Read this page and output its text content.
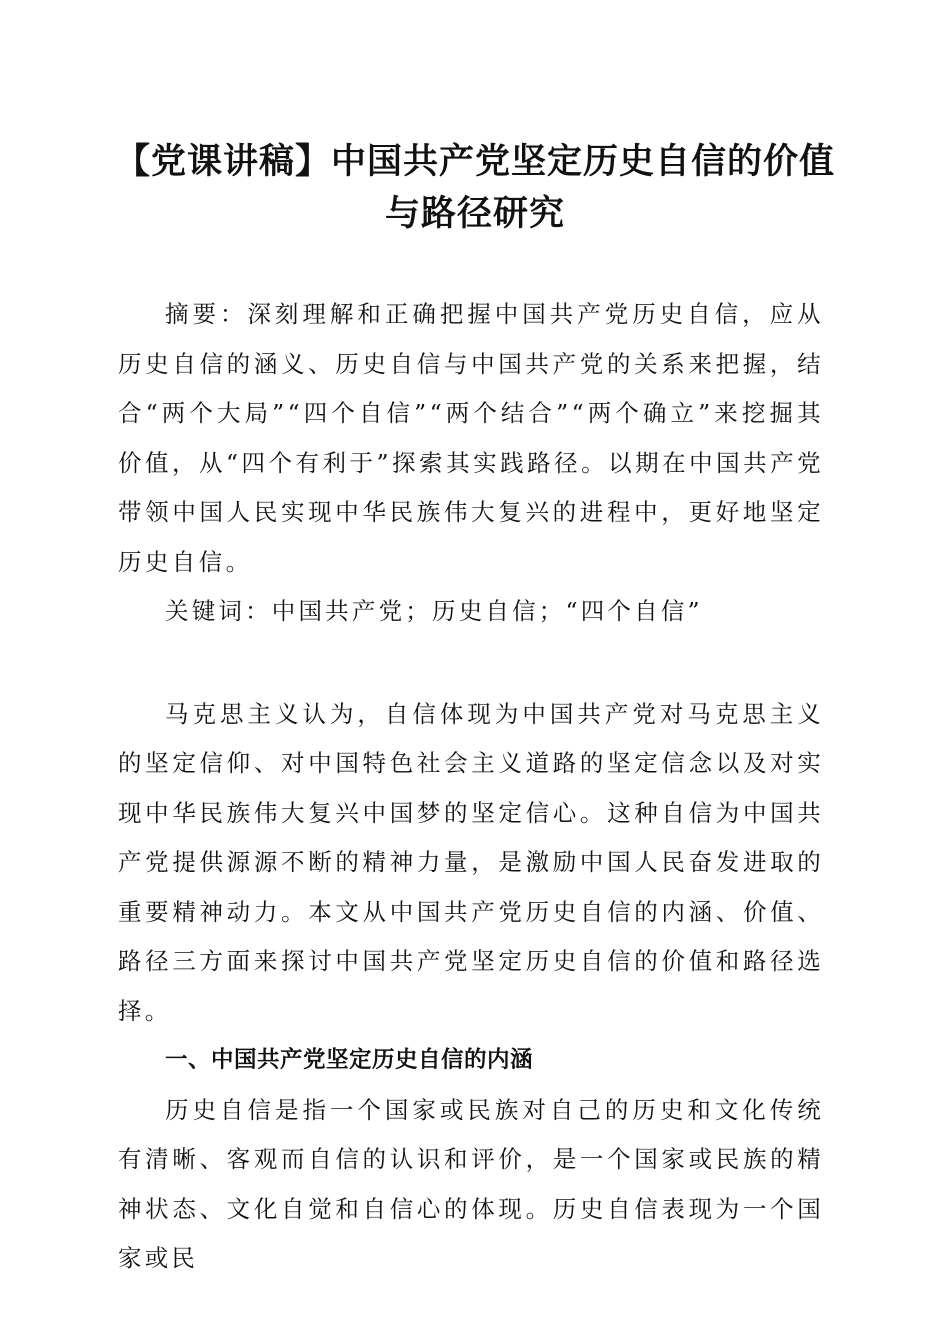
【党课讲稿】中国共产党坚定历史自信的价值
与路径研究

摘要：深刻理解和正确把握中国共产党历史自信，应从历史自信的涵义、历史自信与中国共产党的关系来把握，结合“两个大局”“四个自信”“两个结合”“两个确立”来挖掘其价值，从“四个有利于”探索其实践路径。以期在中国共产党带领中国人民实现中华民族伟大复兴的进程中，更好地坚定历史自信。

关键词：中国共产党；历史自信；“四个自信”

马克思主义认为，自信体现为中国共产党对马克思主义的坚定信仰、对中国特色社会主义道路的坚定信念以及对实现中华民族伟大复兴中国梦的坚定信心。这种自信为中国共产党提供源源不断的精神力量，是激励中国人民奋发进取的重要精神动力。本文从中国共产党历史自信的内涵、价值、路径三方面来探讨中国共产党坚定历史自信的价值和路径选择。

一、中国共产党坚定历史自信的内涵

历史自信是指一个国家或民族对自己的历史和文化传统有清晰、客观而自信的认识和评价，是一个国家或民族的精神状态、文化自觉和自信心的体现。历史自信表现为一个国家或民
